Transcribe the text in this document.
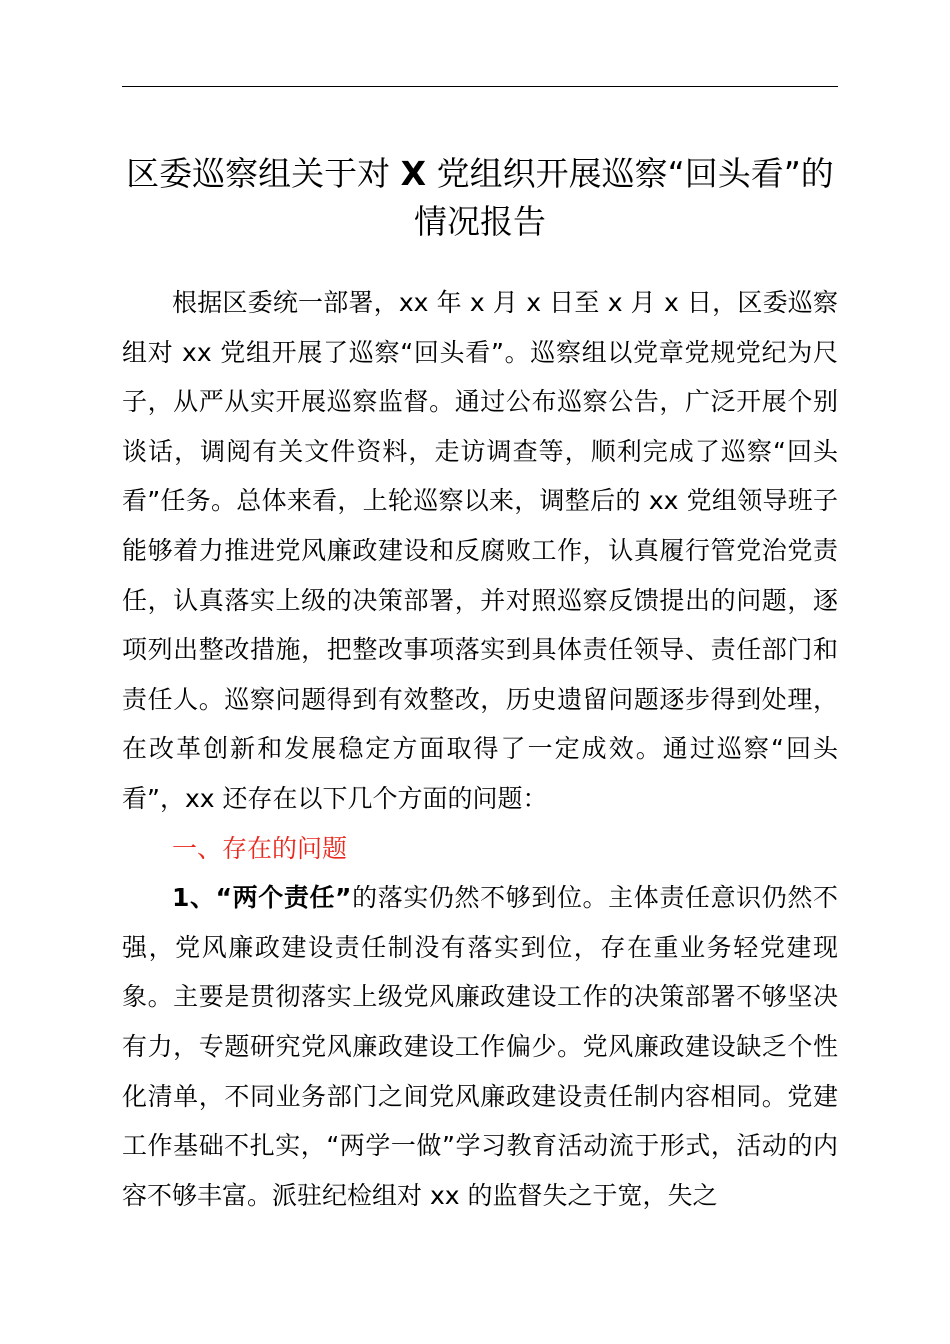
区委巡察组关于对 X 党组织开展巡察“回头看”的情况报告

根据区委统一部署，xx 年 x 月 x 日至 x 月 x 日，区委巡察组对 xx 党组开展了巡察“回头看”。巡察组以党章党规党纪为尺子，从严从实开展巡察监督。通过公布巡察公告，广泛开展个别谈话，调阅有关文件资料，走访调查等，顺利完成了巡察“回头看”任务。总体来看，上轮巡察以来，调整后的 xx 党组领导班子能够着力推进党风廉政建设和反腐败工作，认真履行管党治党责任，认真落实上级的决策部署，并对照巡察反馈提出的问题，逐项列出整改措施，把整改事项落实到具体责任领导、责任部门和责任人。巡察问题得到有效整改，历史遗留问题逐步得到处理，在改革创新和发展稳定方面取得了一定成效。通过巡察“回头看”，xx 还存在以下几个方面的问题：

一、存在的问题

1、“两个责任”的落实仍然不够到位。主体责任意识仍然不强，党风廉政建设责任制没有落实到位，存在重业务轻党建现象。主要是贯彻落实上级党风廉政建设工作的决策部署不够坚决有力，专题研究党风廉政建设工作偏少。党风廉政建设缺乏个性化清单，不同业务部门之间党风廉政建设责任制内容相同。党建工作基础不扎实，“两学一做”学习教育活动流于形式，活动的内容不够丰富。派驻纪检组对 xx 的监督失之于宽，失之
